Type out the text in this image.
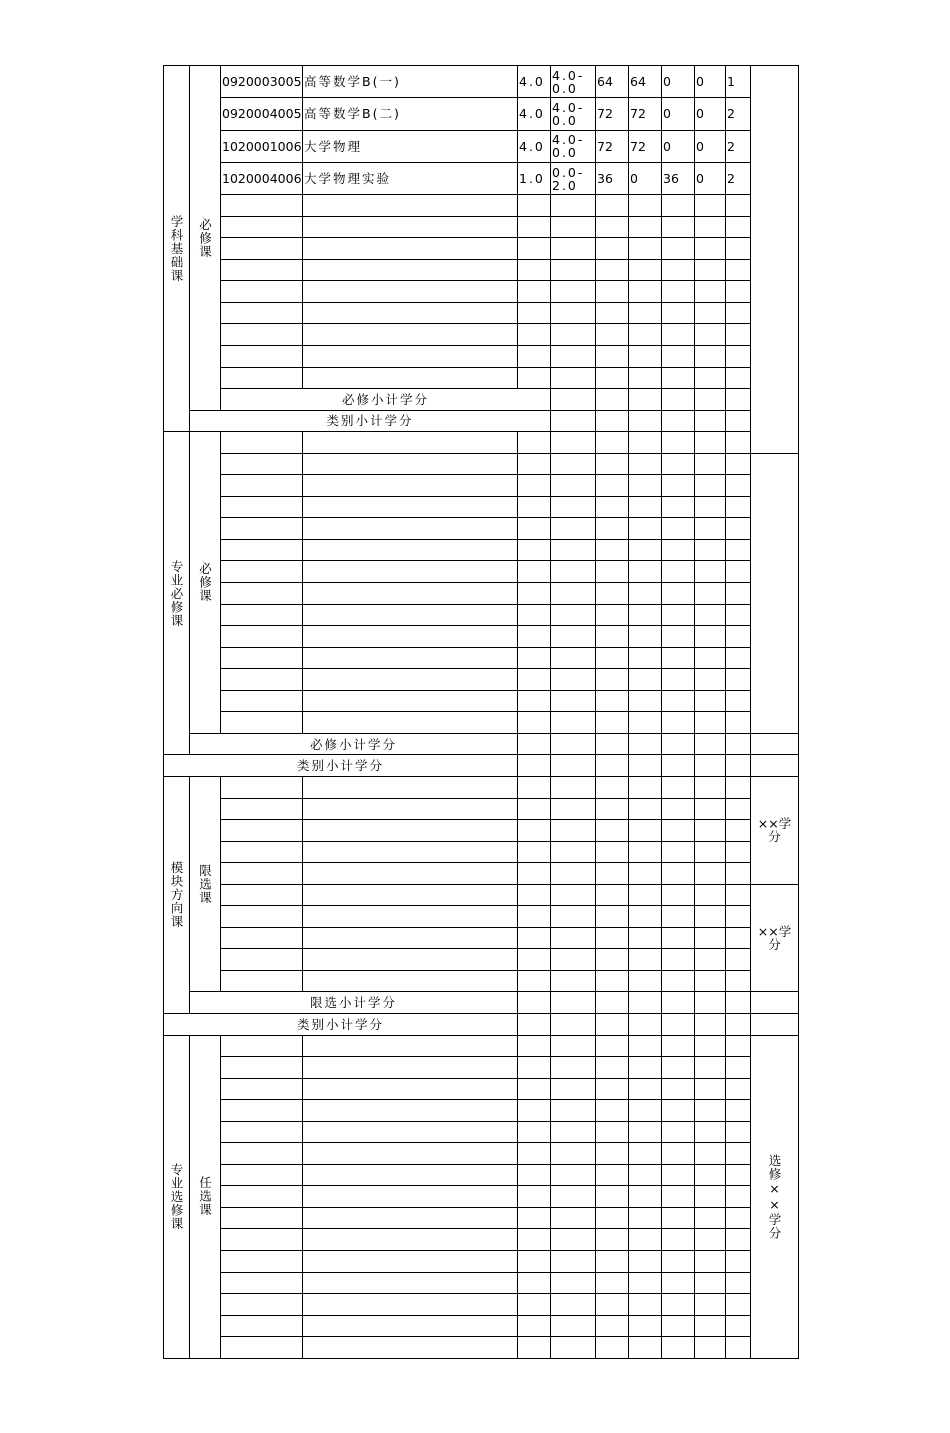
学科基础课	必修课	0920003005	高等数学B(一)	4.0	4.0-
0.0	64	64	0	0	1		
		0920004005	高等数学B(二)	4.0	4.0-
0.0	72	72	0	0	2		
		1020001006	大学物理	4.0	4.0-
0.0	72	72	0	0	2		
		1020004006	大学物理实验	1.0	0.0-
2.0	36	0	36	0	2		

		必修小计学分										
	类别小计学分											
专业必修课	必修课											

	必修小计学分											
类别小计学分												
模块方向课	限选课										××学分	

											××学分	

	限选小计学分											
类别小计学分												
专业选修课	任选课										选修××学分	
